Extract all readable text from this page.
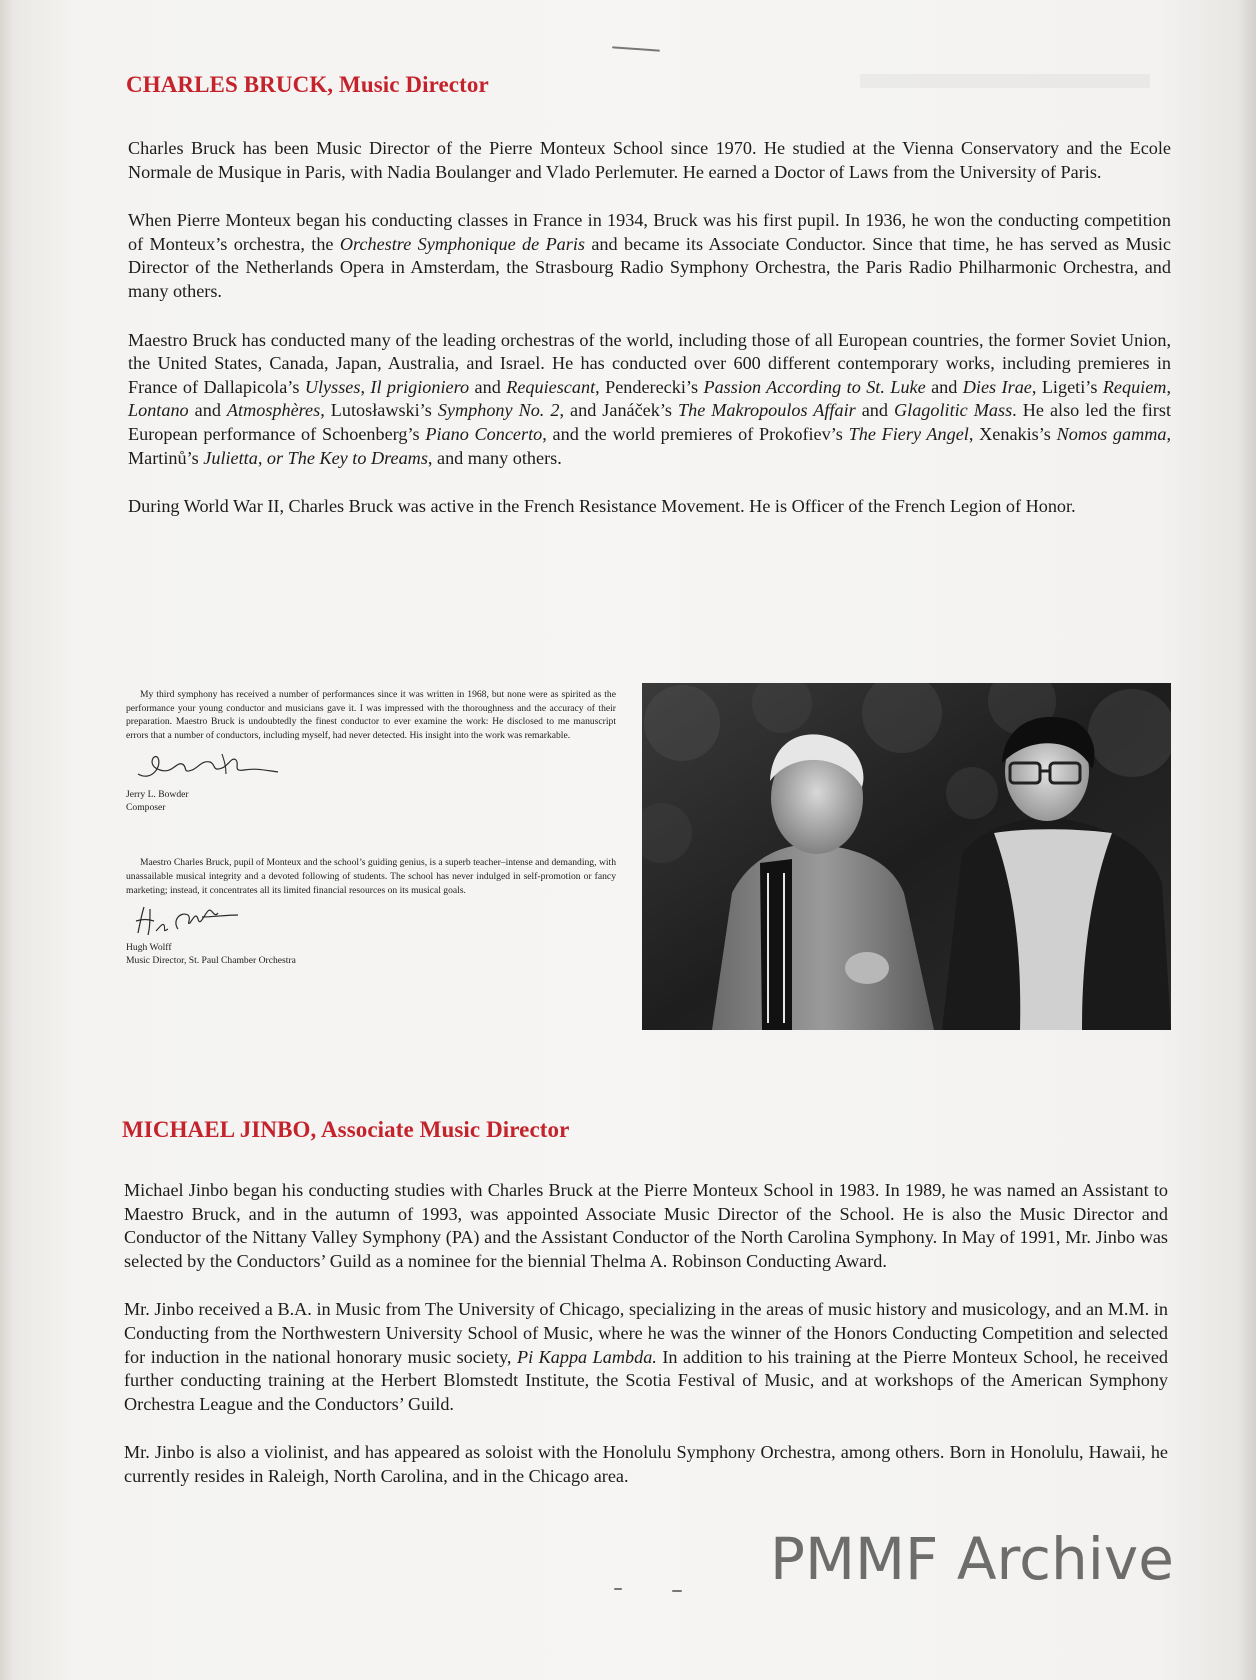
CHARLES BRUCK, Music Director

Charles Bruck has been Music Director of the Pierre Monteux School since 1970. He studied at the Vienna Conservatory and the Ecole Normale de Musique in Paris, with Nadia Boulanger and Vlado Perlemuter. He earned a Doctor of Laws from the University of Paris.

When Pierre Monteux began his conducting classes in France in 1934, Bruck was his first pupil. In 1936, he won the conducting competition of Monteux’s orchestra, the Orchestre Symphonique de Paris and became its Associate Conductor. Since that time, he has served as Music Director of the Netherlands Opera in Amsterdam, the Strasbourg Radio Symphony Orchestra, the Paris Radio Philharmonic Orchestra, and many others.

Maestro Bruck has conducted many of the leading orchestras of the world, including those of all European countries, the former Soviet Union, the United States, Canada, Japan, Australia, and Israel. He has conducted over 600 different contemporary works, including premieres in France of Dallapicola’s Ulysses, Il prigioniero and Requiescant, Penderecki’s Passion According to St. Luke and Dies Irae, Ligeti’s Requiem, Lontano and Atmosphères, Lutosławski’s Symphony No. 2, and Janáček’s The Makropoulos Affair and Glagolitic Mass. He also led the first European performance of Schoenberg’s Piano Concerto, and the world premieres of Prokofiev’s The Fiery Angel, Xenakis’s Nomos gamma, Martinů’s Julietta, or The Key to Dreams, and many others.

During World War II, Charles Bruck was active in the French Resistance Movement. He is Officer of the French Legion of Honor.

My third symphony has received a number of performances since it was written in 1968, but none were as spirited as the performance your young conductor and musicians gave it. I was impressed with the thoroughness and the accuracy of their preparation. Maestro Bruck is undoubtedly the finest conductor to ever examine the work: He disclosed to me manuscript errors that a number of conductors, including myself, had never detected. His insight into the work was remarkable.

Jerry L. Bowder
Composer

Maestro Charles Bruck, pupil of Monteux and the school’s guiding genius, is a superb teacher–intense and demanding, with unassailable musical integrity and a devoted following of students. The school has never indulged in self-promotion or fancy marketing; instead, it concentrates all its limited financial resources on its musical goals.

Hugh Wolff
Music Director, St. Paul Chamber Orchestra
MICHAEL JINBO, Associate Music Director

Michael Jinbo began his conducting studies with Charles Bruck at the Pierre Monteux School in 1983. In 1989, he was named an Assistant to Maestro Bruck, and in the autumn of 1993, was appointed Associate Music Director of the School. He is also the Music Director and Conductor of the Nittany Valley Symphony (PA) and the Assistant Conductor of the North Carolina Symphony. In May of 1991, Mr. Jinbo was selected by the Conductors’ Guild as a nominee for the biennial Thelma A. Robinson Conducting Award.

Mr. Jinbo received a B.A. in Music from The University of Chicago, specializing in the areas of music history and musicology, and an M.M. in Conducting from the Northwestern University School of Music, where he was the winner of the Honors Conducting Competition and selected for induction in the national honorary music society, Pi Kappa Lambda. In addition to his training at the Pierre Monteux School, he received further conducting training at the Herbert Blomstedt Institute, the Scotia Festival of Music, and at workshops of the American Symphony Orchestra League and the Conductors’ Guild.

Mr. Jinbo is also a violinist, and has appeared as soloist with the Honolulu Symphony Orchestra, among others. Born in Honolulu, Hawaii, he currently resides in Raleigh, North Carolina, and in the Chicago area.

PMMF Archive
